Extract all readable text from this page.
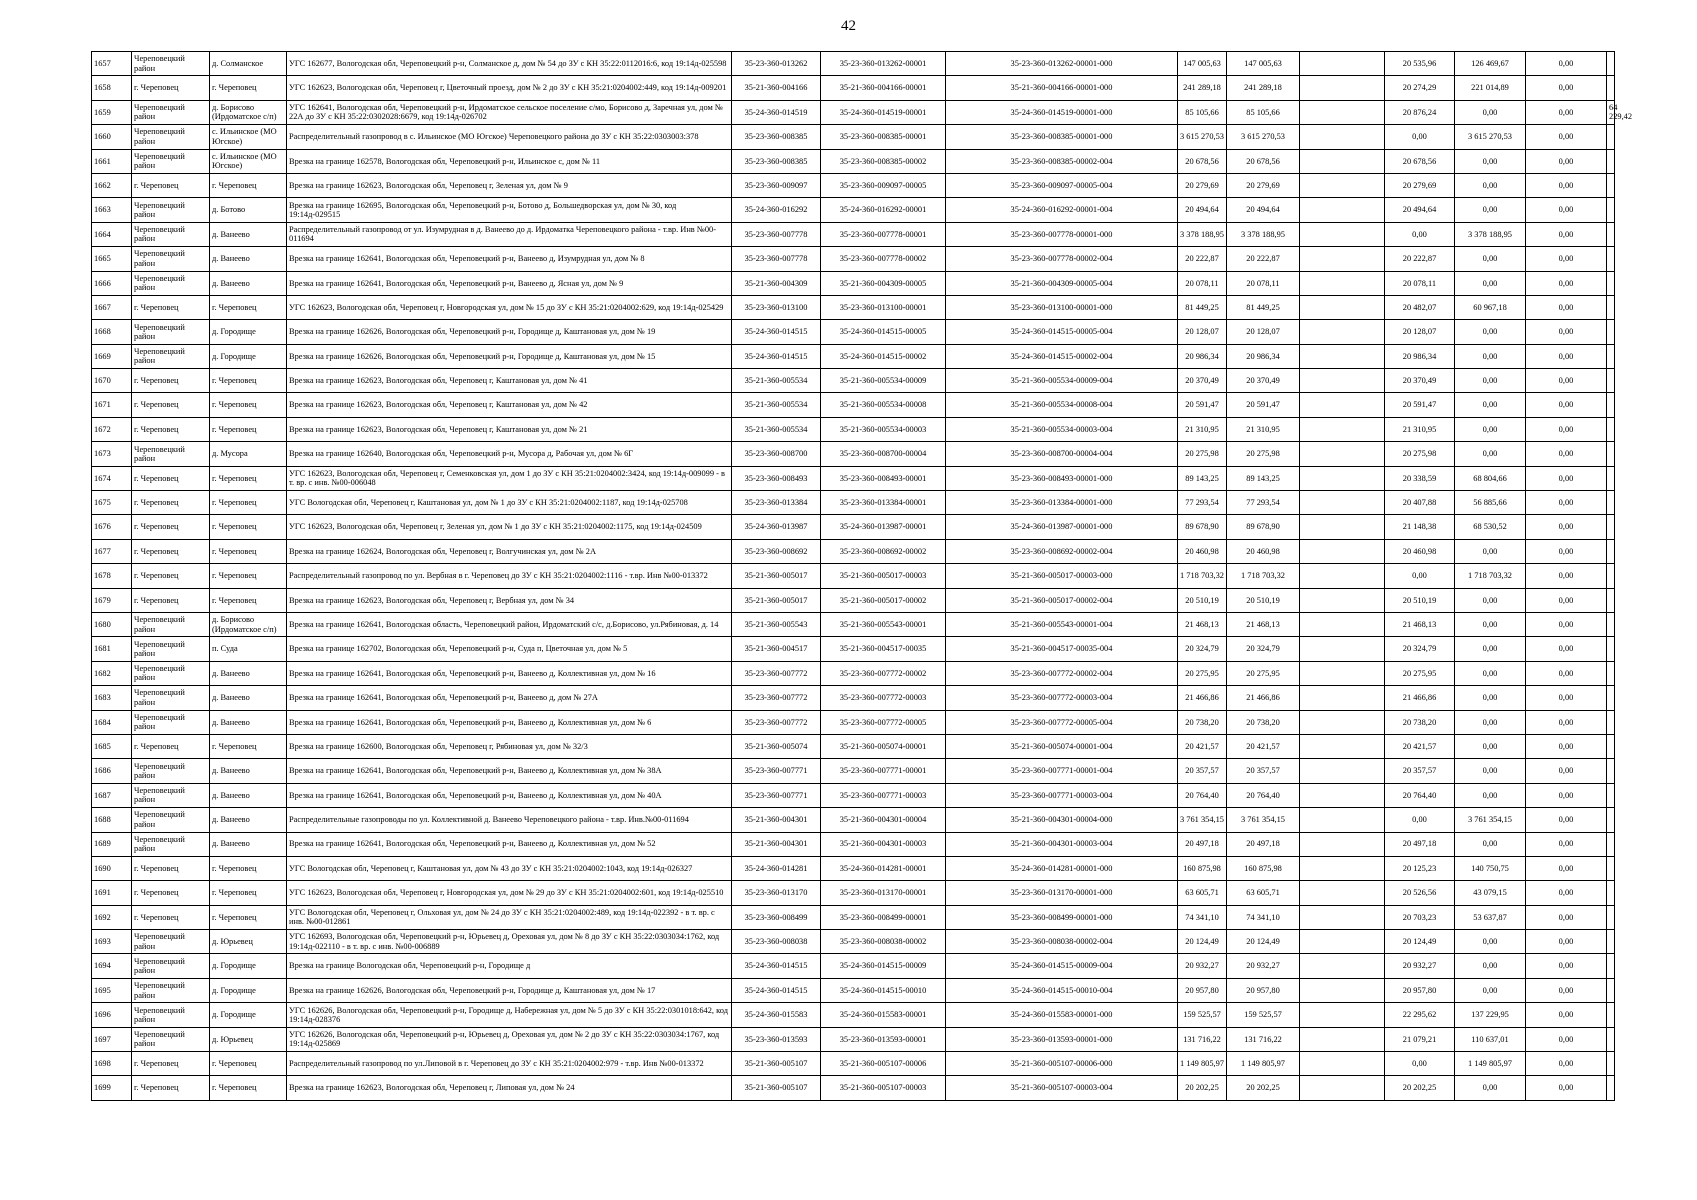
42
1657	Череповецкий район	д. Солманское	УГС 162677, Вологодская обл, Череповецкий р-н, Солманское д, дом № 54 до ЗУ с КН 35:22:0112016:6, код 19:14д-025598	35-23-360-013262	35-23-360-013262-00001	35-23-360-013262-00001-000	147 005,63	147 005,63		20 535,96	126 469,67	0,00	
1658	г. Череповец	г. Череповец	УГС 162623, Вологодская обл, Череповец г, Цветочный проезд, дом № 2 до ЗУ с КН 35:21:0204002:449, код 19:14д-009201	35-21-360-004166	35-21-360-004166-00001	35-21-360-004166-00001-000	241 289,18	241 289,18		20 274,29	221 014,89	0,00	
1659	Череповецкий район	д. Борисово (Ирдоматское с/п)	УГС 162641, Вологодская обл, Череповецкий р-н, Ирдоматское сельское поселение с/мо, Борисово д, Заречная ул, дом № 22А до ЗУ с КН 35:22:0302028:6679, код 19:14д-026702	35-24-360-014519	35-24-360-014519-00001	35-24-360-014519-00001-000	85 105,66	85 105,66		20 876,24	0,00	0,00	64 229,42
1660	Череповецкий район	с. Ильинское (МО Югское)	Распределительный газопровод в с. Ильинское (МО Югское) Череповецкого района до ЗУ с КН 35:22:0303003:378	35-23-360-008385	35-23-360-008385-00001	35-23-360-008385-00001-000	3 615 270,53	3 615 270,53		0,00	3 615 270,53	0,00	
1661	Череповецкий район	с. Ильинское (МО Югское)	Врезка на границе 162578, Вологодская обл, Череповецкий р-н, Ильинское с, дом № 11	35-23-360-008385	35-23-360-008385-00002	35-23-360-008385-00002-004	20 678,56	20 678,56		20 678,56	0,00	0,00	
1662	г. Череповец	г. Череповец	Врезка на границе 162623, Вологодская обл, Череповец г, Зеленая ул, дом № 9	35-23-360-009097	35-23-360-009097-00005	35-23-360-009097-00005-004	20 279,69	20 279,69		20 279,69	0,00	0,00	
1663	Череповецкий район	д. Ботово	Врезка на границе 162695, Вологодская обл, Череповецкий р-н, Ботово д, Большедворская ул, дом № 30, код 19:14д-029515	35-24-360-016292	35-24-360-016292-00001	35-24-360-016292-00001-004	20 494,64	20 494,64		20 494,64	0,00	0,00	
1664	Череповецкий район	д. Ванеево	Распределительный газопровод от ул. Изумрудная в д. Ванеево до д. Ирдоматка Череповецкого района - т.вр. Инв №00-011694	35-23-360-007778	35-23-360-007778-00001	35-23-360-007778-00001-000	3 378 188,95	3 378 188,95		0,00	3 378 188,95	0,00	
1665	Череповецкий район	д. Ванеево	Врезка на границе 162641, Вологодская обл, Череповецкий р-н, Ванеево д, Изумрудная ул, дом № 8	35-23-360-007778	35-23-360-007778-00002	35-23-360-007778-00002-004	20 222,87	20 222,87		20 222,87	0,00	0,00	
1666	Череповецкий район	д. Ванеево	Врезка на границе 162641, Вологодская обл, Череповецкий р-н, Ванеево д, Ясная ул, дом № 9	35-21-360-004309	35-21-360-004309-00005	35-21-360-004309-00005-004	20 078,11	20 078,11		20 078,11	0,00	0,00	
1667	г. Череповец	г. Череповец	УГС 162623, Вологодская обл, Череповец г, Новгородская ул, дом № 15 до ЗУ с КН 35:21:0204002:629, код 19:14д-025429	35-23-360-013100	35-23-360-013100-00001	35-23-360-013100-00001-000	81 449,25	81 449,25		20 482,07	60 967,18	0,00	
1668	Череповецкий район	д. Городище	Врезка на границе 162626, Вологодская обл, Череповецкий р-н, Городище д, Каштановая ул, дом № 19	35-24-360-014515	35-24-360-014515-00005	35-24-360-014515-00005-004	20 128,07	20 128,07		20 128,07	0,00	0,00	
1669	Череповецкий район	д. Городище	Врезка на границе 162626, Вологодская обл, Череповецкий р-н, Городище д, Каштановая ул, дом № 15	35-24-360-014515	35-24-360-014515-00002	35-24-360-014515-00002-004	20 986,34	20 986,34		20 986,34	0,00	0,00	
1670	г. Череповец	г. Череповец	Врезка на границе 162623, Вологодская обл, Череповец г, Каштановая ул, дом № 41	35-21-360-005534	35-21-360-005534-00009	35-21-360-005534-00009-004	20 370,49	20 370,49		20 370,49	0,00	0,00	
1671	г. Череповец	г. Череповец	Врезка на границе 162623, Вологодская обл, Череповец г, Каштановая ул, дом № 42	35-21-360-005534	35-21-360-005534-00008	35-21-360-005534-00008-004	20 591,47	20 591,47		20 591,47	0,00	0,00	
1672	г. Череповец	г. Череповец	Врезка на границе 162623, Вологодская обл, Череповец г, Каштановая ул, дом № 21	35-21-360-005534	35-21-360-005534-00003	35-21-360-005534-00003-004	21 310,95	21 310,95		21 310,95	0,00	0,00	
1673	Череповецкий район	д. Мусора	Врезка на границе 162640, Вологодская обл, Череповецкий р-н, Мусора д, Рабочая ул, дом № 6Г	35-23-360-008700	35-23-360-008700-00004	35-23-360-008700-00004-004	20 275,98	20 275,98		20 275,98	0,00	0,00	
1674	г. Череповец	г. Череповец	УГС 162623, Вологодская обл, Череповец г, Семенковская ул, дом 1 до ЗУ с КН 35:21:0204002:3424, код 19:14д-009099 - в т. вр. с инв. №00-006048	35-23-360-008493	35-23-360-008493-00001	35-23-360-008493-00001-000	89 143,25	89 143,25		20 338,59	68 804,66	0,00	
1675	г. Череповец	г. Череповец	УГС Вологодская обл, Череповец г, Каштановая ул, дом № 1 до ЗУ с КН 35:21:0204002:1187, код 19:14д-025708	35-23-360-013384	35-23-360-013384-00001	35-23-360-013384-00001-000	77 293,54	77 293,54		20 407,88	56 885,66	0,00	
1676	г. Череповец	г. Череповец	УГС 162623, Вологодская обл, Череповец г, Зеленая ул, дом № 1 до ЗУ с КН 35:21:0204002:1175, код 19:14д-024509	35-24-360-013987	35-24-360-013987-00001	35-24-360-013987-00001-000	89 678,90	89 678,90		21 148,38	68 530,52	0,00	
1677	г. Череповец	г. Череповец	Врезка на границе 162624, Вологодская обл, Череповец г, Волгучинская ул, дом № 2А	35-23-360-008692	35-23-360-008692-00002	35-23-360-008692-00002-004	20 460,98	20 460,98		20 460,98	0,00	0,00	
1678	г. Череповец	г. Череповец	Распределительный газопровод по ул. Вербная в г. Череповец до ЗУ с КН 35:21:0204002:1116 - т.вр. Инв №00-013372	35-21-360-005017	35-21-360-005017-00003	35-21-360-005017-00003-000	1 718 703,32	1 718 703,32		0,00	1 718 703,32	0,00	
1679	г. Череповец	г. Череповец	Врезка на границе 162623, Вологодская обл, Череповец г, Вербная ул, дом № 34	35-21-360-005017	35-21-360-005017-00002	35-21-360-005017-00002-004	20 510,19	20 510,19		20 510,19	0,00	0,00	
1680	Череповецкий район	д. Борисово (Ирдоматское с/п)	Врезка на границе 162641, Вологодская область, Череповецкий район, Ирдоматский с/с, д.Борисово, ул.Рябиновая, д. 14	35-21-360-005543	35-21-360-005543-00001	35-21-360-005543-00001-004	21 468,13	21 468,13		21 468,13	0,00	0,00	
1681	Череповецкий район	п. Суда	Врезка на границе 162702, Вологодская обл, Череповецкий р-н, Суда п, Цветочная ул, дом № 5	35-21-360-004517	35-21-360-004517-00035	35-21-360-004517-00035-004	20 324,79	20 324,79		20 324,79	0,00	0,00	
1682	Череповецкий район	д. Ванеево	Врезка на границе 162641, Вологодская обл, Череповецкий р-н, Ванеево д, Коллективная ул, дом № 16	35-23-360-007772	35-23-360-007772-00002	35-23-360-007772-00002-004	20 275,95	20 275,95		20 275,95	0,00	0,00	
1683	Череповецкий район	д. Ванеево	Врезка на границе 162641, Вологодская обл, Череповецкий р-н, Ванеево д, дом № 27А	35-23-360-007772	35-23-360-007772-00003	35-23-360-007772-00003-004	21 466,86	21 466,86		21 466,86	0,00	0,00	
1684	Череповецкий район	д. Ванеево	Врезка на границе 162641, Вологодская обл, Череповецкий р-н, Ванеево д, Коллективная ул, дом № 6	35-23-360-007772	35-23-360-007772-00005	35-23-360-007772-00005-004	20 738,20	20 738,20		20 738,20	0,00	0,00	
1685	г. Череповец	г. Череповец	Врезка на границе 162600, Вологодская обл, Череповец г, Рябиновая ул, дом № 32/3	35-21-360-005074	35-21-360-005074-00001	35-21-360-005074-00001-004	20 421,57	20 421,57		20 421,57	0,00	0,00	
1686	Череповецкий район	д. Ванеево	Врезка на границе 162641, Вологодская обл, Череповецкий р-н, Ванеево д, Коллективная ул, дом № 38А	35-23-360-007771	35-23-360-007771-00001	35-23-360-007771-00001-004	20 357,57	20 357,57		20 357,57	0,00	0,00	
1687	Череповецкий район	д. Ванеево	Врезка на границе 162641, Вологодская обл, Череповецкий р-н, Ванеево д, Коллективная ул, дом № 40А	35-23-360-007771	35-23-360-007771-00003	35-23-360-007771-00003-004	20 764,40	20 764,40		20 764,40	0,00	0,00	
1688	Череповецкий район	д. Ванеево	Распределительные газопроводы по ул. Коллективной д. Ванеево Череповецкого района - т.вр. Инв.№00-011694	35-21-360-004301	35-21-360-004301-00004	35-21-360-004301-00004-000	3 761 354,15	3 761 354,15		0,00	3 761 354,15	0,00	
1689	Череповецкий район	д. Ванеево	Врезка на границе 162641, Вологодская обл, Череповецкий р-н, Ванеево д, Коллективная ул, дом № 52	35-21-360-004301	35-21-360-004301-00003	35-21-360-004301-00003-004	20 497,18	20 497,18		20 497,18	0,00	0,00	
1690	г. Череповец	г. Череповец	УГС Вологодская обл, Череповец г, Каштановая ул, дом № 43 до ЗУ с КН 35:21:0204002:1043, код 19:14д-026327	35-24-360-014281	35-24-360-014281-00001	35-24-360-014281-00001-000	160 875,98	160 875,98		20 125,23	140 750,75	0,00	
1691	г. Череповец	г. Череповец	УГС 162623, Вологодская обл, Череповец г, Новгородская ул, дом № 29 до ЗУ с КН 35:21:0204002:601, код 19:14д-025510	35-23-360-013170	35-23-360-013170-00001	35-23-360-013170-00001-000	63 605,71	63 605,71		20 526,56	43 079,15	0,00	
1692	г. Череповец	г. Череповец	УГС Вологодская обл, Череповец г, Ольховая ул, дом № 24 до ЗУ с КН 35:21:0204002:489, код 19:14д-022392 - в т. вр. с инв. №00-012861	35-23-360-008499	35-23-360-008499-00001	35-23-360-008499-00001-000	74 341,10	74 341,10		20 703,23	53 637,87	0,00	
1693	Череповецкий район	д. Юрьевец	УГС 162693, Вологодская обл, Череповецкий р-н, Юрьевец д, Ореховая ул, дом № 8 до ЗУ с КН 35:22:0303034:1762, код 19:14д-022110 - в т. вр. с инв. №00-006889	35-23-360-008038	35-23-360-008038-00002	35-23-360-008038-00002-004	20 124,49	20 124,49		20 124,49	0,00	0,00	
1694	Череповецкий район	д. Городище	Врезка на границе Вологодская обл, Череповецкий р-н, Городище д	35-24-360-014515	35-24-360-014515-00009	35-24-360-014515-00009-004	20 932,27	20 932,27		20 932,27	0,00	0,00	
1695	Череповецкий район	д. Городище	Врезка на границе 162626, Вологодская обл, Череповецкий р-н, Городище д, Каштановая ул, дом № 17	35-24-360-014515	35-24-360-014515-00010	35-24-360-014515-00010-004	20 957,80	20 957,80		20 957,80	0,00	0,00	
1696	Череповецкий район	д. Городище	УГС 162626, Вологодская обл, Череповецкий р-н, Городище д, Набережная ул, дом № 5 до ЗУ с КН 35:22:0301018:642, код 19:14д-028376	35-24-360-015583	35-24-360-015583-00001	35-24-360-015583-00001-000	159 525,57	159 525,57		22 295,62	137 229,95	0,00	
1697	Череповецкий район	д. Юрьевец	УГС 162626, Вологодская обл, Череповецкий р-н, Юрьевец д, Ореховая ул, дом № 2 до ЗУ с КН 35:22:0303034:1767, код 19:14д-025869	35-23-360-013593	35-23-360-013593-00001	35-23-360-013593-00001-000	131 716,22	131 716,22		21 079,21	110 637,01	0,00	
1698	г. Череповец	г. Череповец	Распределительный газопровод по ул.Липовой в г. Череповец до ЗУ с КН 35:21:0204002:979 - т.вр. Инв №00-013372	35-21-360-005107	35-21-360-005107-00006	35-21-360-005107-00006-000	1 149 805,97	1 149 805,97		0,00	1 149 805,97	0,00	
1699	г. Череповец	г. Череповец	Врезка на границе 162623, Вологодская обл, Череповец г, Липовая ул, дом № 24	35-21-360-005107	35-21-360-005107-00003	35-21-360-005107-00003-004	20 202,25	20 202,25		20 202,25	0,00	0,00	
